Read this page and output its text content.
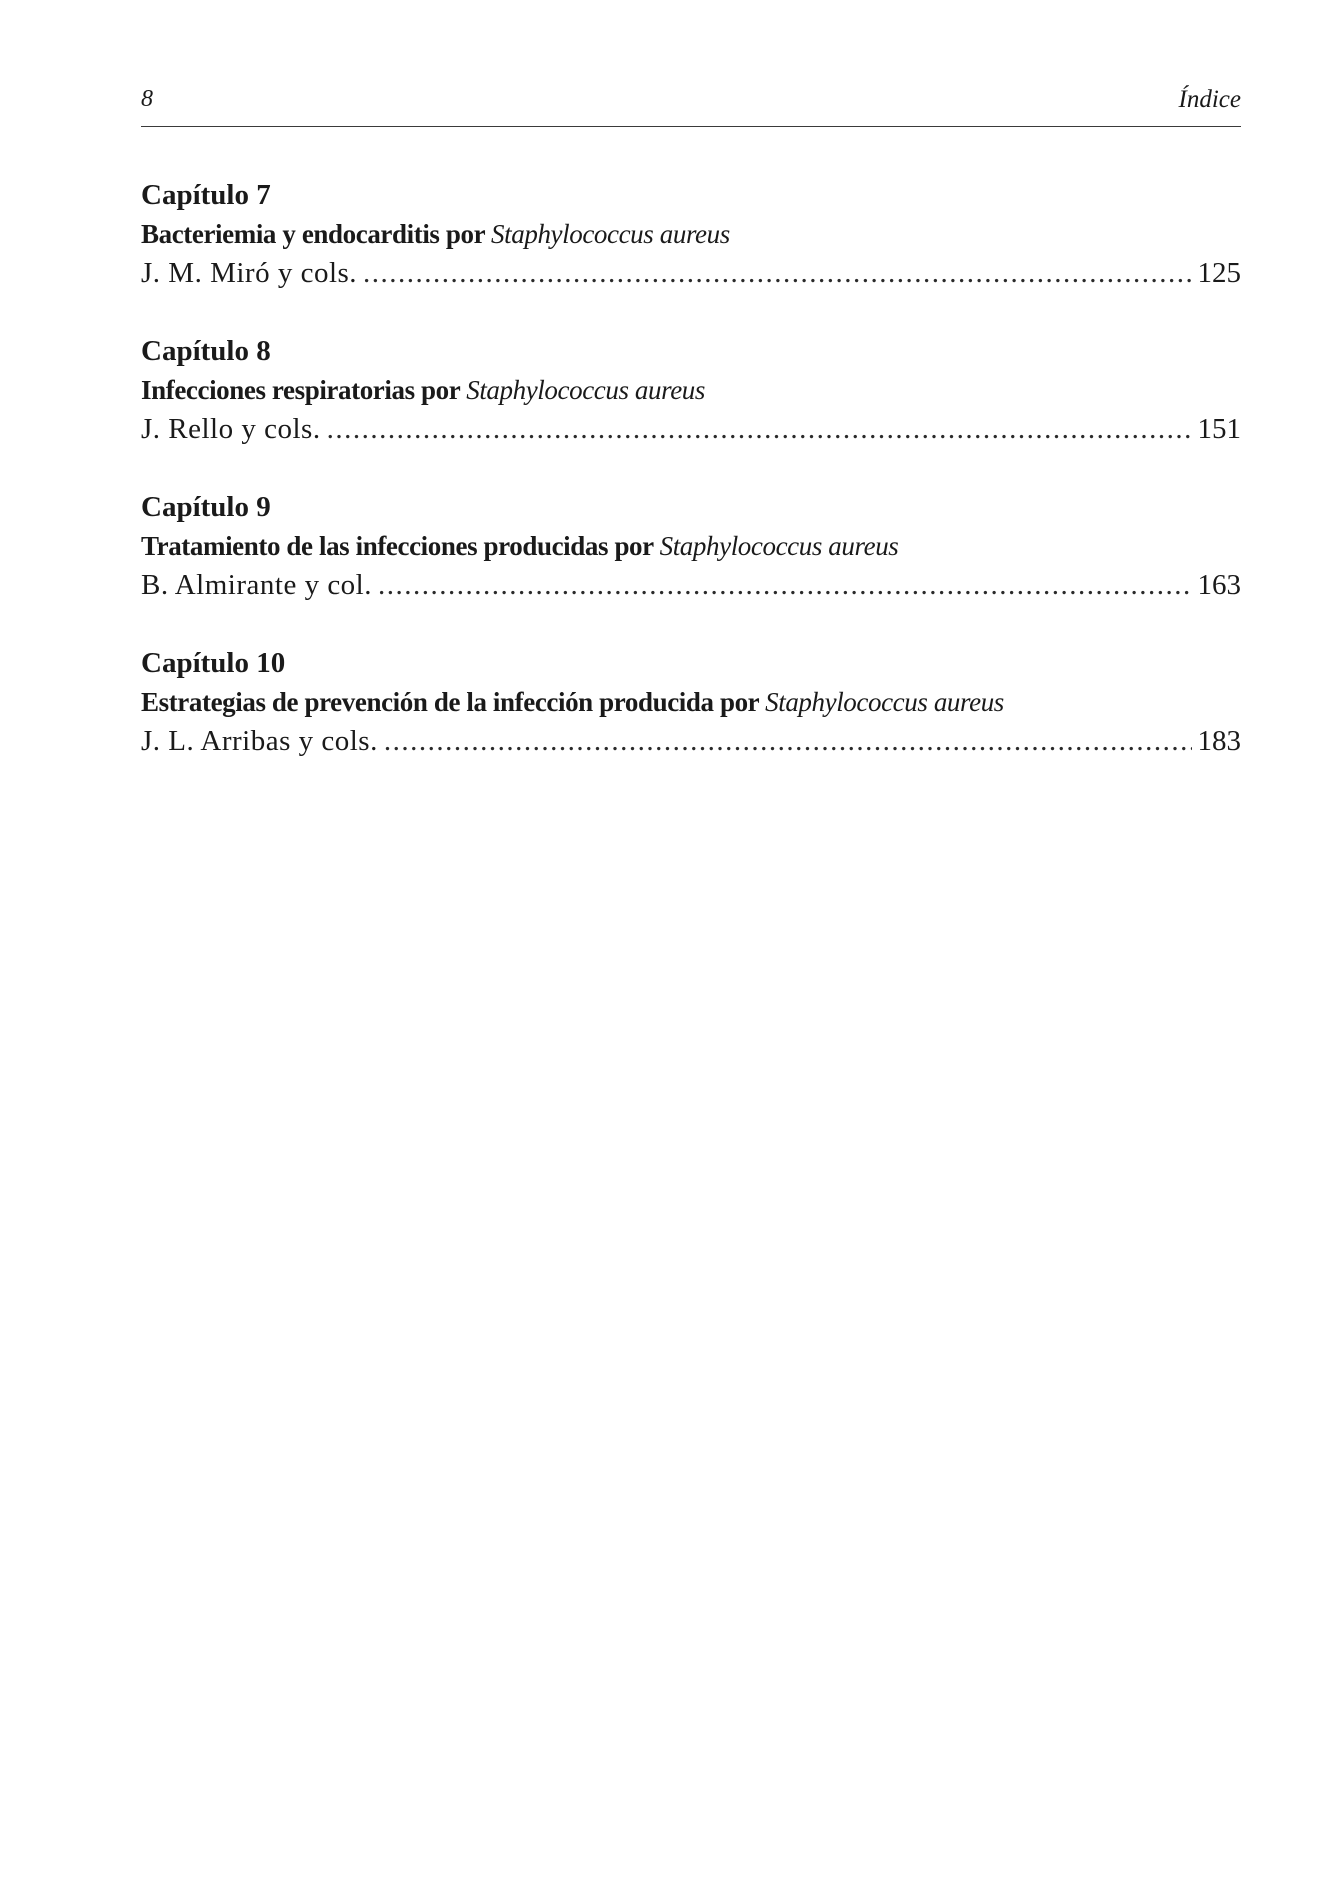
8	Índice
Capítulo 7
Bacteriemia y endocarditis por Staphylococcus aureus
J. M. Miró y cols. .....	125
Capítulo 8
Infecciones respiratorias por Staphylococcus aureus
J. Rello y cols. .....	151
Capítulo 9
Tratamiento de las infecciones producidas por Staphylococcus aureus
B. Almirante y col. .....	163
Capítulo 10
Estrategias de prevención de la infección producida por Staphylococcus aureus
J. L. Arribas y cols. .....	183
